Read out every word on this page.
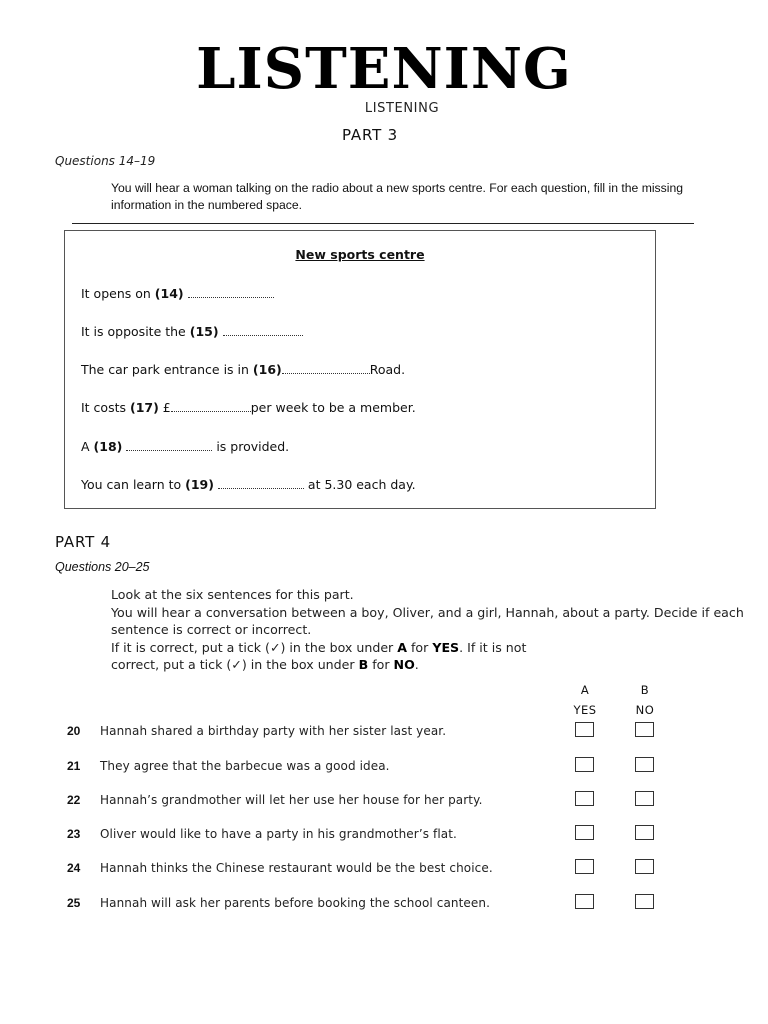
LISTENING
LISTENING
PART 3
Questions 14–19
You will hear a woman talking on the radio about a new sports centre. For each question, fill in the missing information in the numbered space.
New sports centre
It opens on (14)
It is opposite the (15)
The car park entrance is in (16)	Road.
It costs (17) £	per week to be a member.
A (18)	is provided.
You can learn to (19)	at 5.30 each day.
PART 4
Questions 20–25
Look at the six sentences for this part.
You will hear a conversation between a boy, Oliver, and a girl, Hannah, about a party. Decide if each sentence is correct or incorrect.
If it is correct, put a tick (✓) in the box under A for YES. If it is not
correct, put a tick (✓) in the box under B for NO.
A	B
YES	NO
20 Hannah shared a birthday party with her sister last year.
21 They agree that the barbecue was a good idea.
22 Hannah’s grandmother will let her use her house for her party.
23 Oliver would like to have a party in his grandmother’s flat.
24 Hannah thinks the Chinese restaurant would be the best choice.
25 Hannah will ask her parents before booking the school canteen.
